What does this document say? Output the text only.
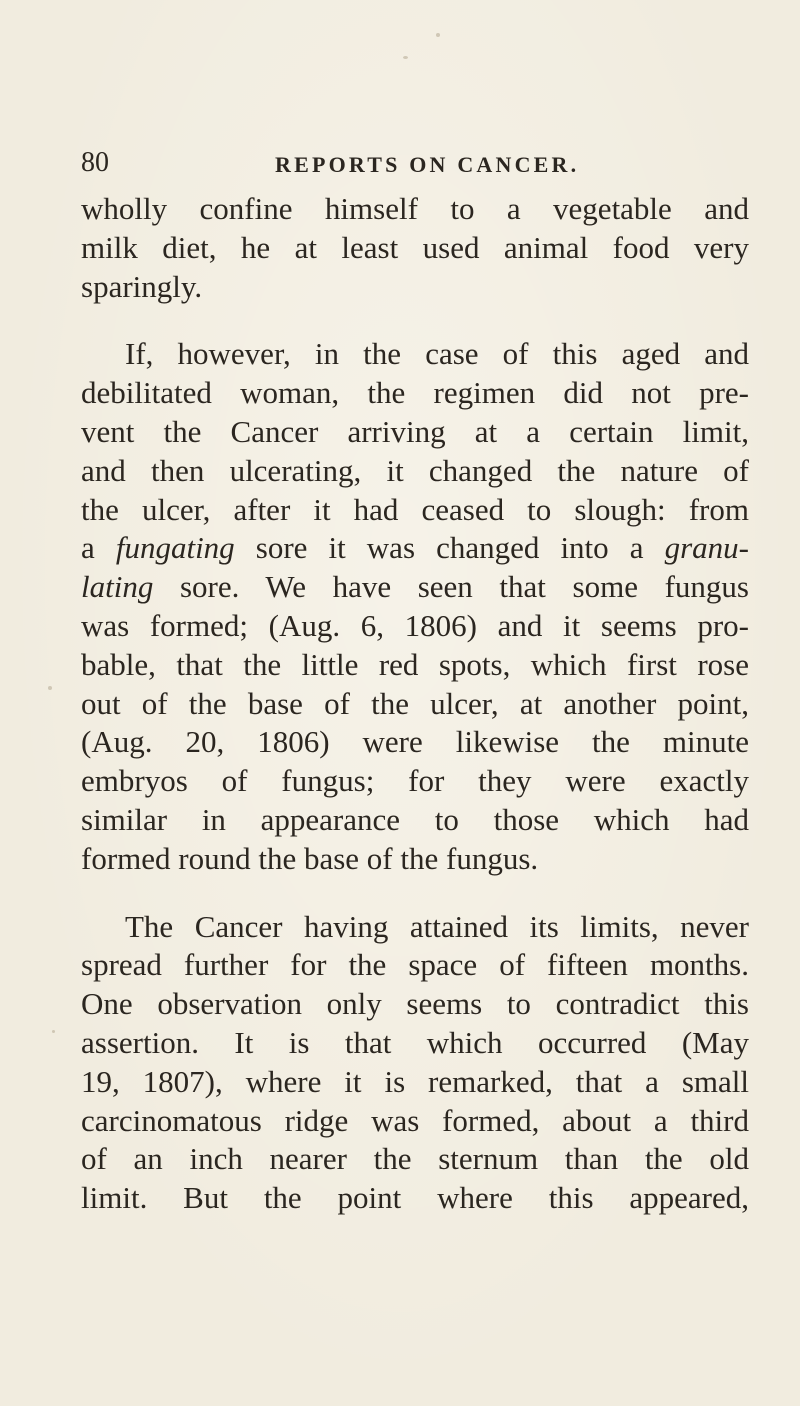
80	REPORTS ON CANCER.

wholly confine himself to a vegetable and
milk diet, he at least used animal food very
sparingly.

If, however, in the case of this aged and
debilitated woman, the regimen did not pre-
vent the Cancer arriving at a certain limit,
and then ulcerating, it changed the nature of
the ulcer, after it had ceased to slough: from
a fungating sore it was changed into a granu-
lating sore. We have seen that some fungus
was formed; (Aug. 6, 1806) and it seems pro-
bable, that the little red spots, which first rose
out of the base of the ulcer, at another point,
(Aug. 20, 1806) were likewise the minute
embryos of fungus; for they were exactly
similar in appearance to those which had
formed round the base of the fungus.

The Cancer having attained its limits, never
spread further for the space of fifteen months.
One observation only seems to contradict this
assertion. It is that which occurred (May
19, 1807), where it is remarked, that a small
carcinomatous ridge was formed, about a third
of an inch nearer the sternum than the old
limit. But the point where this appeared,
